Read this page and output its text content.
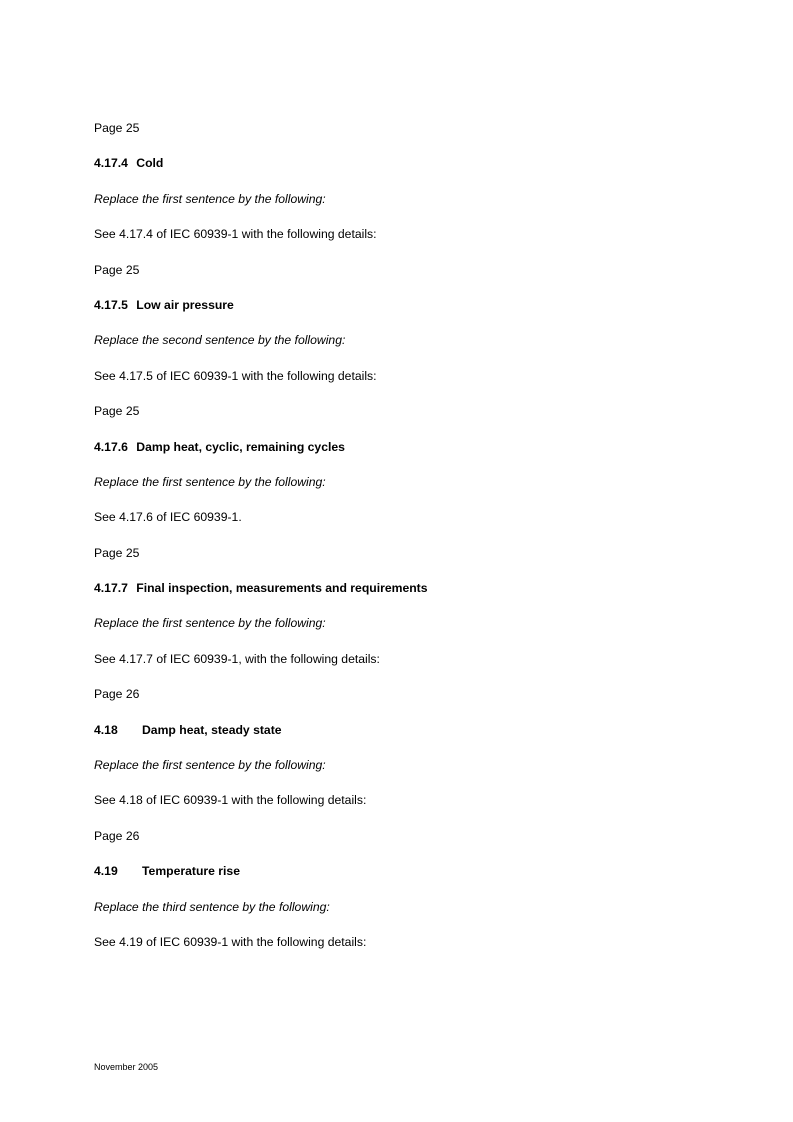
Page 25
4.17.4 Cold
Replace the first sentence by the following:
See 4.17.4 of IEC 60939-1 with the following details:
Page 25
4.17.5 Low air pressure
Replace the second sentence by the following:
See 4.17.5 of IEC 60939-1 with the following details:
Page 25
4.17.6 Damp heat, cyclic, remaining cycles
Replace the first sentence by the following:
See 4.17.6 of IEC 60939-1.
Page 25
4.17.7 Final inspection, measurements and requirements
Replace the first sentence by the following:
See 4.17.7 of IEC 60939-1, with the following details:
Page 26
4.18 Damp heat, steady state
Replace the first sentence by the following:
See 4.18 of IEC 60939-1 with the following details:
Page 26
4.19 Temperature rise
Replace the third sentence by the following:
See 4.19 of IEC 60939-1 with the following details:
November 2005
